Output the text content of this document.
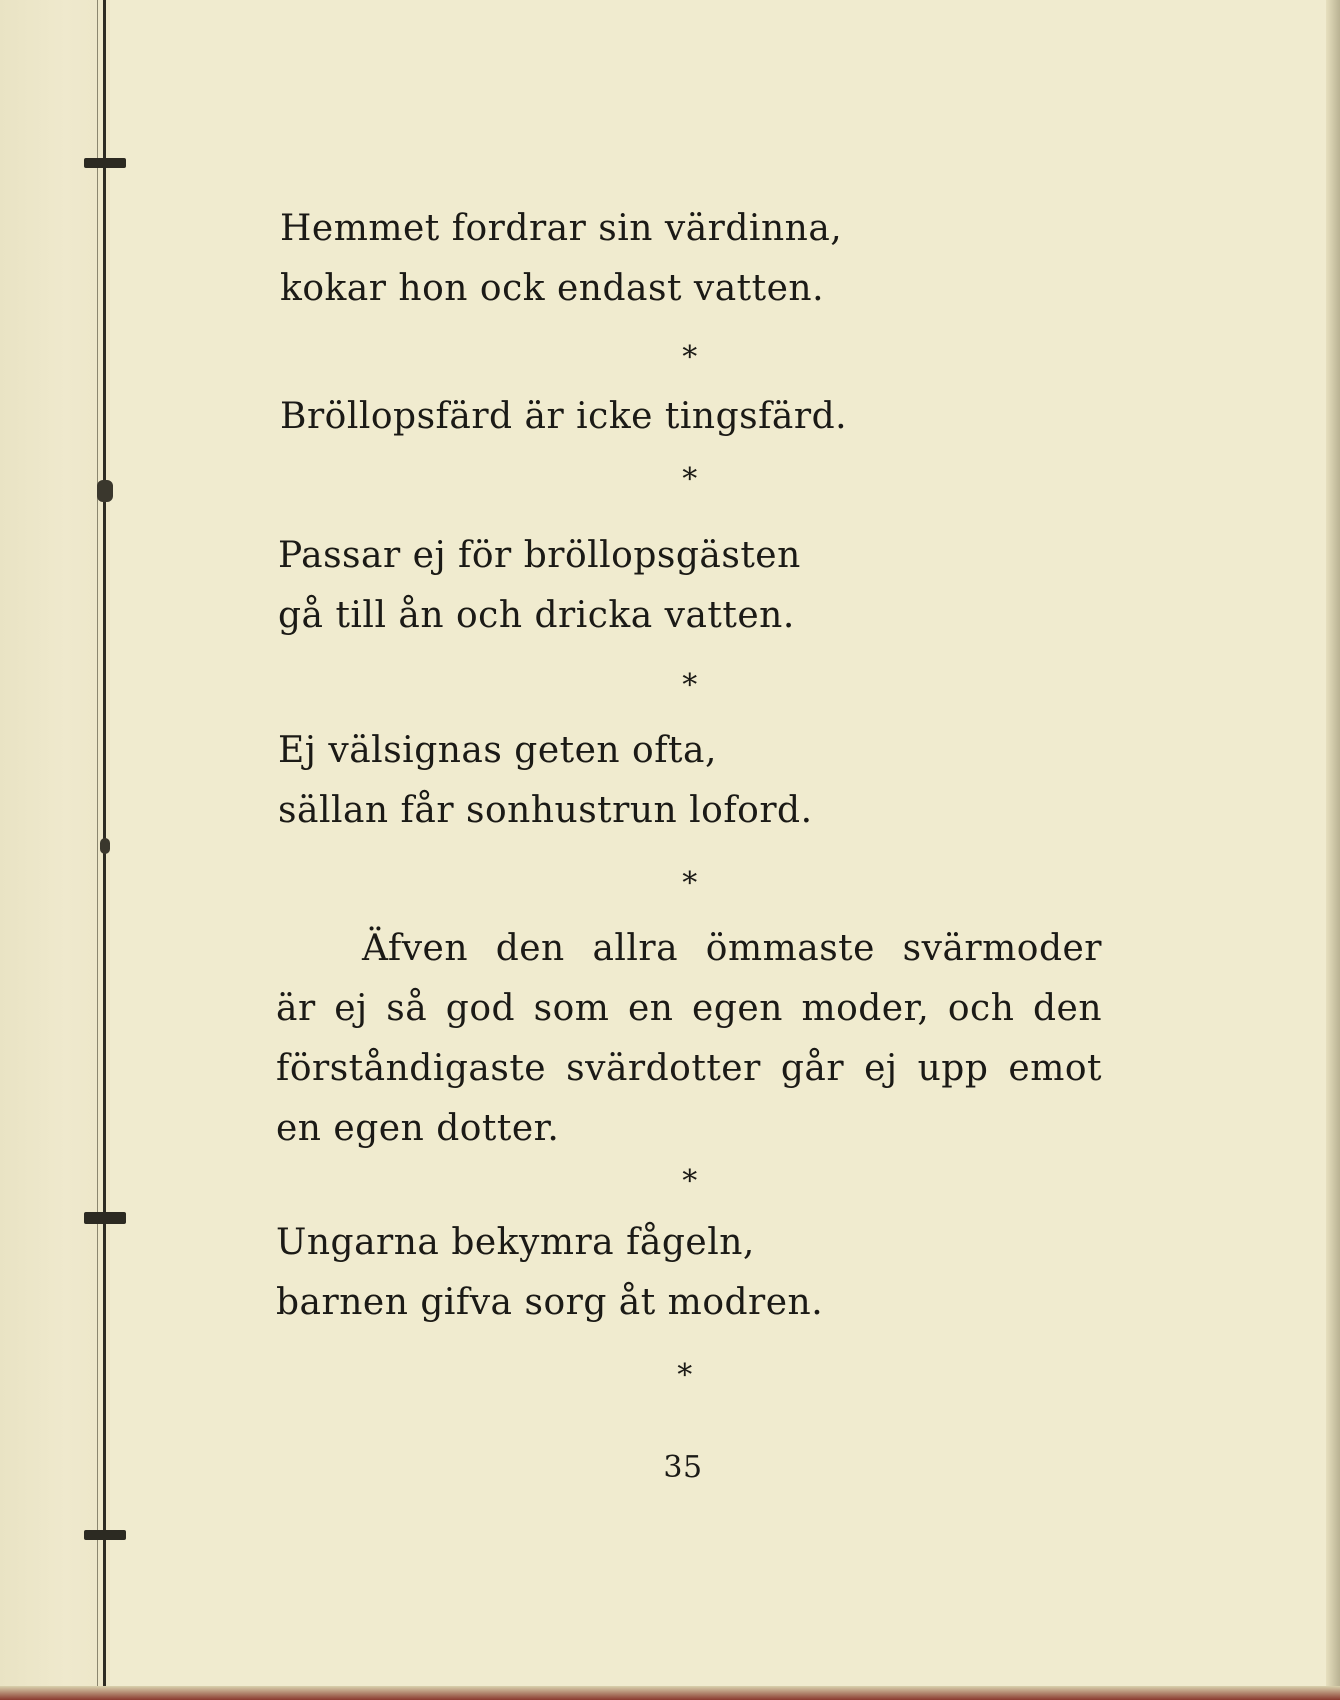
Hemmet fordrar sin värdinna,
kokar hon ock endast vatten.
*
Bröllopsfärd är icke tingsfärd.
*
Passar ej för bröllopsgästen
gå till ån och dricka vatten.
*
Ej välsignas geten ofta,
sällan får sonhustrun loford.
*
Äfven den allra ömmaste svärmoder
är ej så god som en egen moder, och den
förståndigaste svärdotter går ej upp emot
en egen dotter.
*
Ungarna bekymra fågeln,
barnen gifva sorg åt modren.
*
35
